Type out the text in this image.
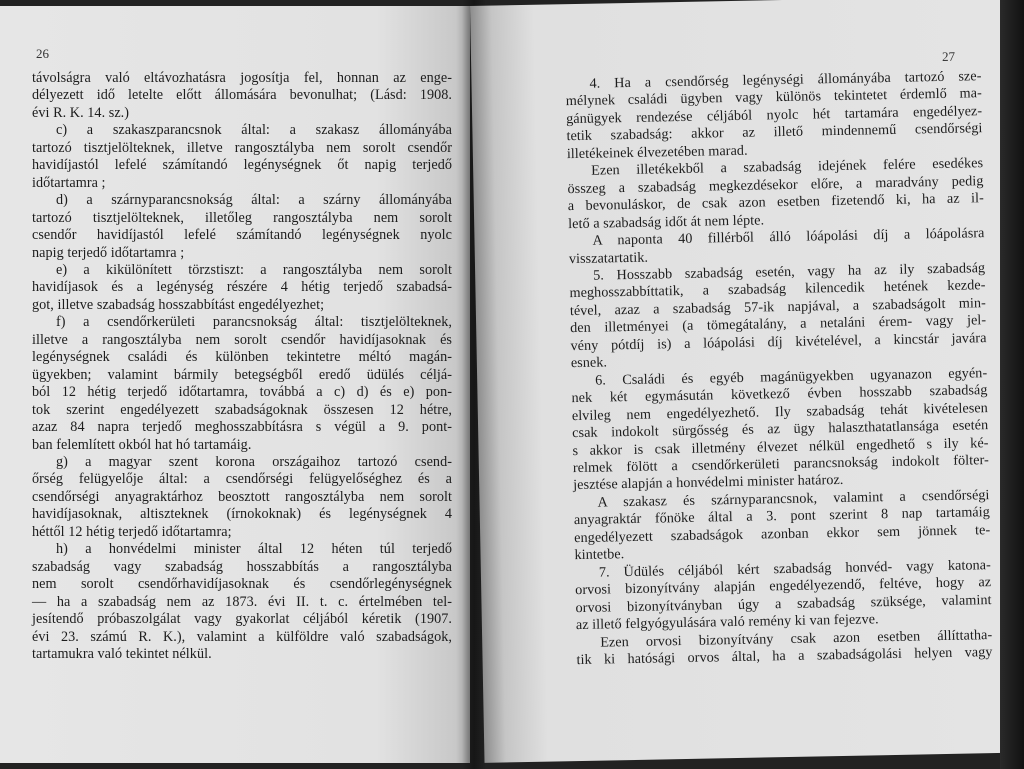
26
távolságra való eltávozhatásra jogosítja fel, honnan az enge-
délyezett idő letelte előtt állomására bevonulhat; (Lásd: 1908.
évi R. K. 14. sz.)
c) a szakaszparancsnok által: a szakasz állományába
tartozó tisztjelölteknek, illetve rangosztályba nem sorolt csendőr
havidíjastól lefelé számítandó legénységnek őt napig terjedő
időtartamra ;
d) a szárnyparancsnokság által: a szárny állományába
tartozó tisztjelölteknek, illetőleg rangosztályba nem sorolt
csendőr havidíjastól lefelé számítandó legénységnek nyolc
napig terjedő időtartamra ;
e) a kikülönített törzstiszt: a rangosztályba nem sorolt
havidíjasok és a legénység részére 4 hétig terjedő szabadsá-
got, illetve szabadság hosszabbítást engedélyezhet;
f) a csendőrkerületi parancsnokság által: tisztjelölteknek,
illetve a rangosztályba nem sorolt csendőr havidíjasoknak és
legénységnek családi és különben tekintetre méltó magán-
ügyekben; valamint bármily betegségből eredő üdülés céljá-
ból 12 hétig terjedő időtartamra, továbbá a c) d) és e) pon-
tok szerint engedélyezett szabadságoknak összesen 12 hétre,
azaz 84 napra terjedő meghosszabbításra s végül a 9. pont-
ban felemlített okból hat hó tartamáig.
g) a magyar szent korona országaihoz tartozó csend-
őrség felügyelője által: a csendőrségi felügyelőséghez és a
csendőrségi anyagraktárhoz beosztott rangosztályba nem sorolt
havidíjasoknak, altiszteknek (írnokoknak) és legénységnek 4
héttől 12 hétig terjedő időtartamra;
h) a honvédelmi minister által 12 héten túl terjedő
szabadság vagy szabadság hosszabbítás a rangosztályba
nem sorolt csendőrhavidíjasoknak és csendőrlegénységnek
— ha a szabadság nem az 1873. évi II. t. c. értelmében tel-
jesítendő próbaszolgálat vagy gyakorlat céljából kéretik (1907.
évi 23. számú R. K.), valamint a külföldre való szabadságok,
tartamukra való tekintet nélkül.
27
4. Ha a csendőrség legénységi állományába tartozó sze-
mélynek családi ügyben vagy különös tekintetet érdemlő ma-
gánügyek rendezése céljából nyolc hét tartamára engedélyez-
tetik szabadság: akkor az illető mindennemű csendőrségi
illetékeinek élvezetében marad.
Ezen illetékekből a szabadság idejének felére esedékes
összeg a szabadság megkezdésekor előre, a maradvány pedig
a bevonuláskor, de csak azon esetben fizetendő ki, ha az il-
lető a szabadság időt át nem lépte.
A naponta 40 fillérből álló lóápolási díj a lóápolásra
visszatartatik.
5. Hosszabb szabadság esetén, vagy ha az ily szabadság
meghosszabbíttatik, a szabadság kilencedik hetének kezde-
tével, azaz a szabadság 57-ik napjával, a szabadságolt min-
den illetményei (a tömegátalány, a netaláni érem- vagy jel-
vény pótdíj is) a lóápolási díj kivételével, a kincstár javára
esnek.
6. Családi és egyéb magánügyekben ugyanazon egyén-
nek két egymásután következő évben hosszabb szabadság
elvileg nem engedélyezhető. Ily szabadság tehát kivételesen
csak indokolt sürgősség és az ügy halaszthatatlansága esetén
s akkor is csak illetmény élvezet nélkül engedhető s ily ké-
relmek fölött a csendőrkerületi parancsnokság indokolt fölter-
jesztése alapján a honvédelmi minister határoz.
A szakasz és szárnyparancsnok, valamint a csendőrségi
anyagraktár főnöke által a 3. pont szerint 8 nap tartamáig
engedélyezett szabadságok azonban ekkor sem jönnek te-
kintetbe.
7. Üdülés céljából kért szabadság honvéd- vagy katona-
orvosi bizonyítvány alapján engedélyezendő, feltéve, hogy az
orvosi bizonyítványban úgy a szabadság szüksége, valamint
az illető felgyógyulására való remény ki van fejezve.
Ezen orvosi bizonyítvány csak azon esetben állíttatha-
tik ki hatósági orvos által, ha a szabadságolási helyen vagy
